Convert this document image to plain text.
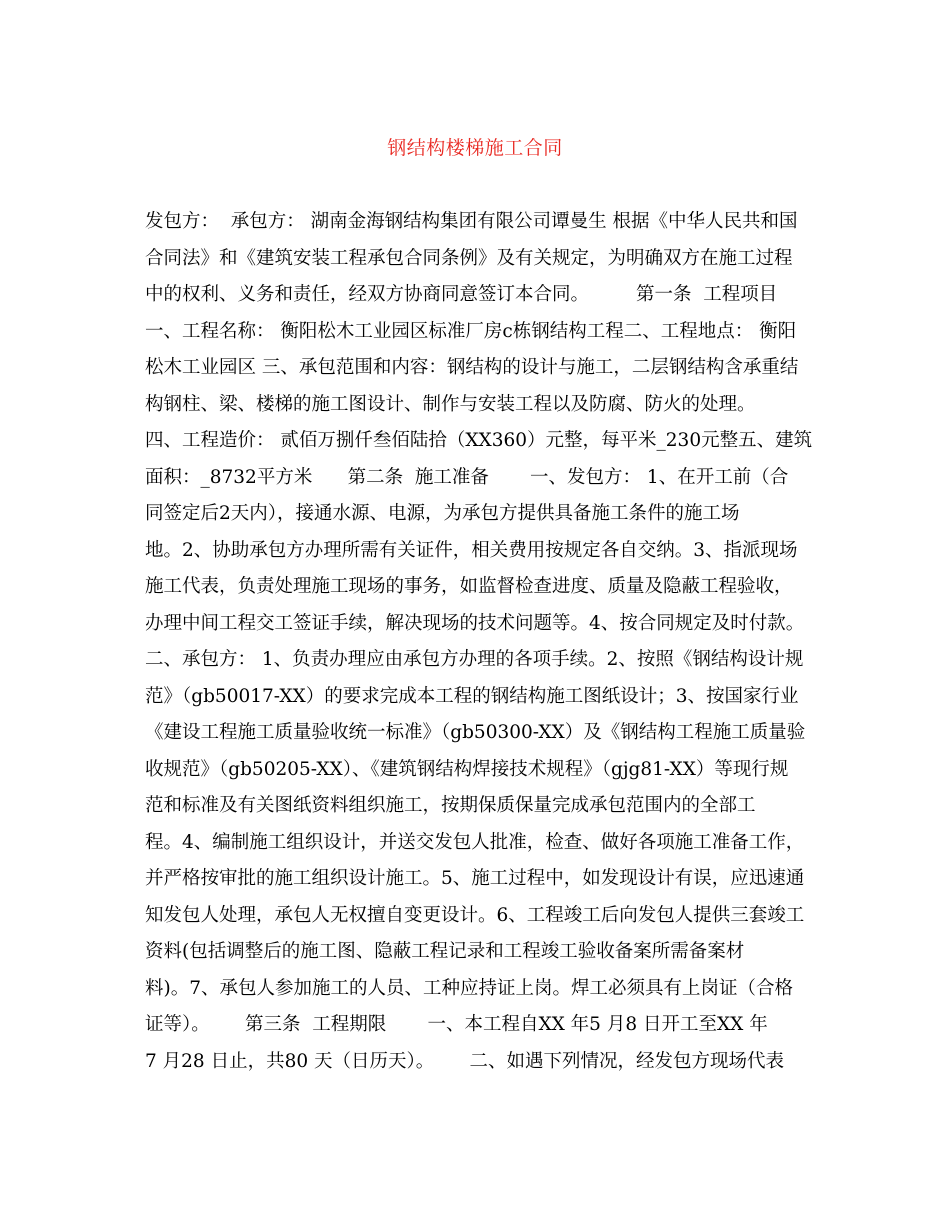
钢结构楼梯施工合同
发包方：  承包方： 湖南金海钢结构集团有限公司谭曼生 根据《中华人民共和国
合同法》和《建筑安装工程承包合同条例》及有关规定，为明确双方在施工过程
中的权利、义务和责任，经双方协商同意签订本合同。        第一条  工程项目
一、工程名称： 衡阳松木工业园区标准厂房c栋钢结构工程二、工程地点： 衡阳
松木工业园区 三、承包范围和内容：钢结构的设计与施工，二层钢结构含承重结
构钢柱、梁、楼梯的施工图设计、制作与安装工程以及防腐、防火的处理。
四、工程造价： 贰佰万捌仟叁佰陆拾（XX360）元整，每平米_230元整五、建筑
面积：_8732平方米      第二条  施工准备       一、发包方： 1、在开工前（合
同签定后2天内），接通水源、电源，为承包方提供具备施工条件的施工场
地。2、协助承包方办理所需有关证件，相关费用按规定各自交纳。3、指派现场
施工代表，负责处理施工现场的事务，如监督检查进度、质量及隐蔽工程验收，
办理中间工程交工签证手续，解决现场的技术问题等。4、按合同规定及时付款。
二、承包方： 1、负责办理应由承包方办理的各项手续。2、按照《钢结构设计规
范》（gb50017-XX）的要求完成本工程的钢结构施工图纸设计；3、按国家行业
《建设工程施工质量验收统一标准》（gb50300-XX）及《钢结构工程施工质量验
收规范》（gb50205-XX）、《建筑钢结构焊接技术规程》（gjg81-XX）等现行规
范和标准及有关图纸资料组织施工，按期保质保量完成承包范围内的全部工
程。4、编制施工组织设计，并送交发包人批准，检查、做好各项施工准备工作，
并严格按审批的施工组织设计施工。5、施工过程中，如发现设计有误，应迅速通
知发包人处理，承包人无权擅自变更设计。6、工程竣工后向发包人提供三套竣工
资料(包括调整后的施工图、隐蔽工程记录和工程竣工验收备案所需备案材
料)。7、承包人参加施工的人员、工种应持证上岗。焊工必须具有上岗证（合格
证等）。      第三条  工程期限       一、本工程自XX 年5 月8 日开工至XX 年
7 月28 日止，共80 天（日历天）。      二、如遇下列情况，经发包方现场代表
